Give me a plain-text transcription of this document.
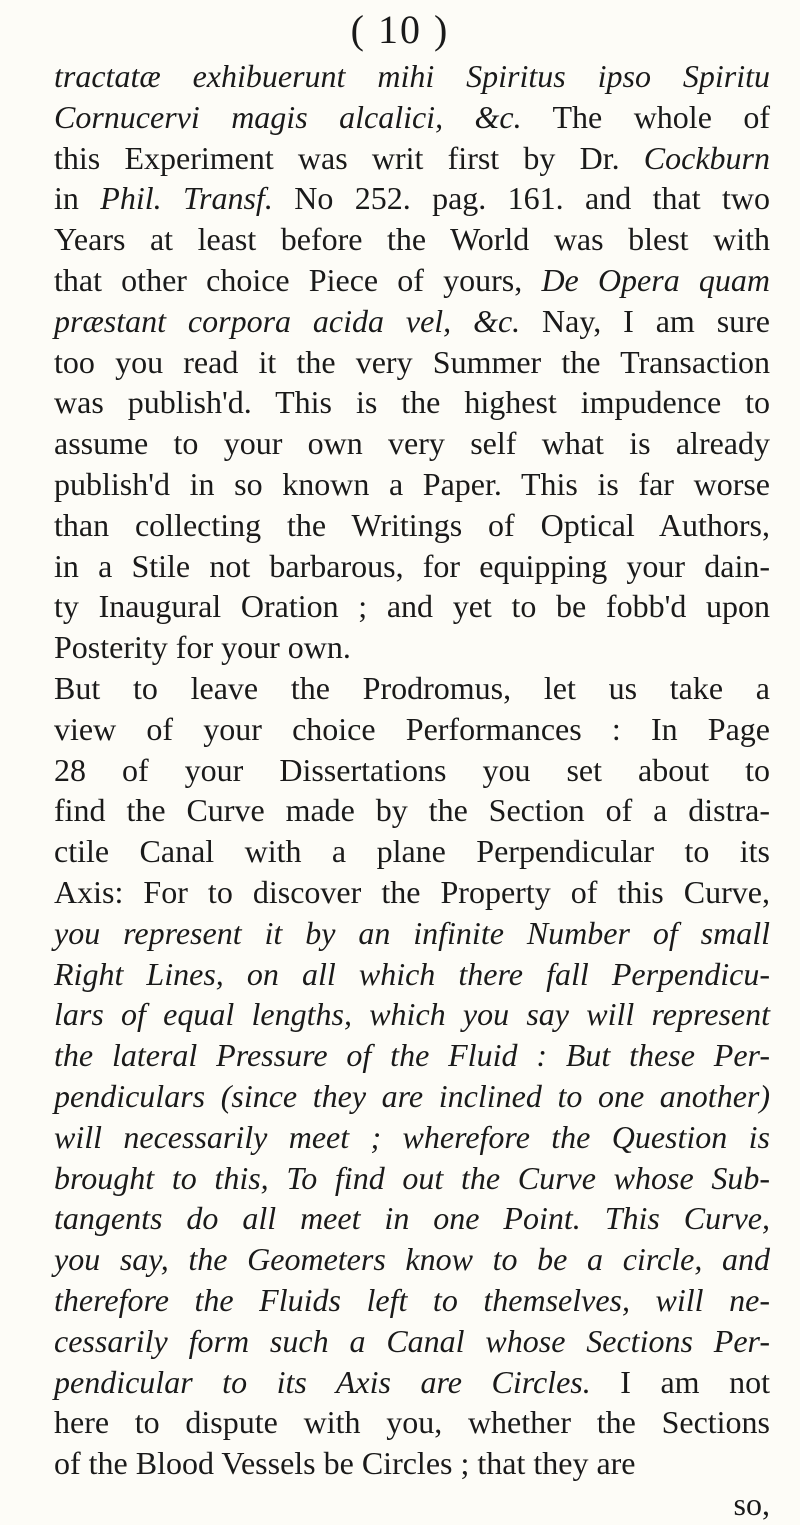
( 10 )
tractatæ exhibuerunt mihi Spiritus ipso Spiritu
Cornucervi magis alcalici, &c. The whole of
this Experiment was writ first by Dr. Cockburn
in Phil. Transf. No 252. pag. 161. and that two
Years at least before the World was blest with
that other choice Piece of yours, De Opera quam
præstant corpora acida vel, &c. Nay, I am sure
too you read it the very Summer the Transaction
was publish'd. This is the highest impudence to
assume to your own very self what is already
publish'd in so known a Paper. This is far worse
than collecting the Writings of Optical Authors,
in a Stile not barbarous, for equipping your dain-
ty Inaugural Oration ; and yet to be fobb'd upon
Posterity for your own.
But to leave the Prodromus, let us take a
view of your choice Performances : In Page
28 of your Dissertations you set about to
find the Curve made by the Section of a distra-
ctile Canal with a plane Perpendicular to its
Axis: For to discover the Property of this Curve,
you represent it by an infinite Number of small
Right Lines, on all which there fall Perpendicu-
lars of equal lengths, which you say will represent
the lateral Pressure of the Fluid : But these Per-
pendiculars (since they are inclined to one another)
will necessarily meet ; wherefore the Question is
brought to this, To find out the Curve whose Sub-
tangents do all meet in one Point. This Curve,
you say, the Geometers know to be a circle, and
therefore the Fluids left to themselves, will ne-
cessarily form such a Canal whose Sections Per-
pendicular to its Axis are Circles. I am not
here to dispute with you, whether the Sections
of the Blood Vessels be Circles ; that they are
so,
